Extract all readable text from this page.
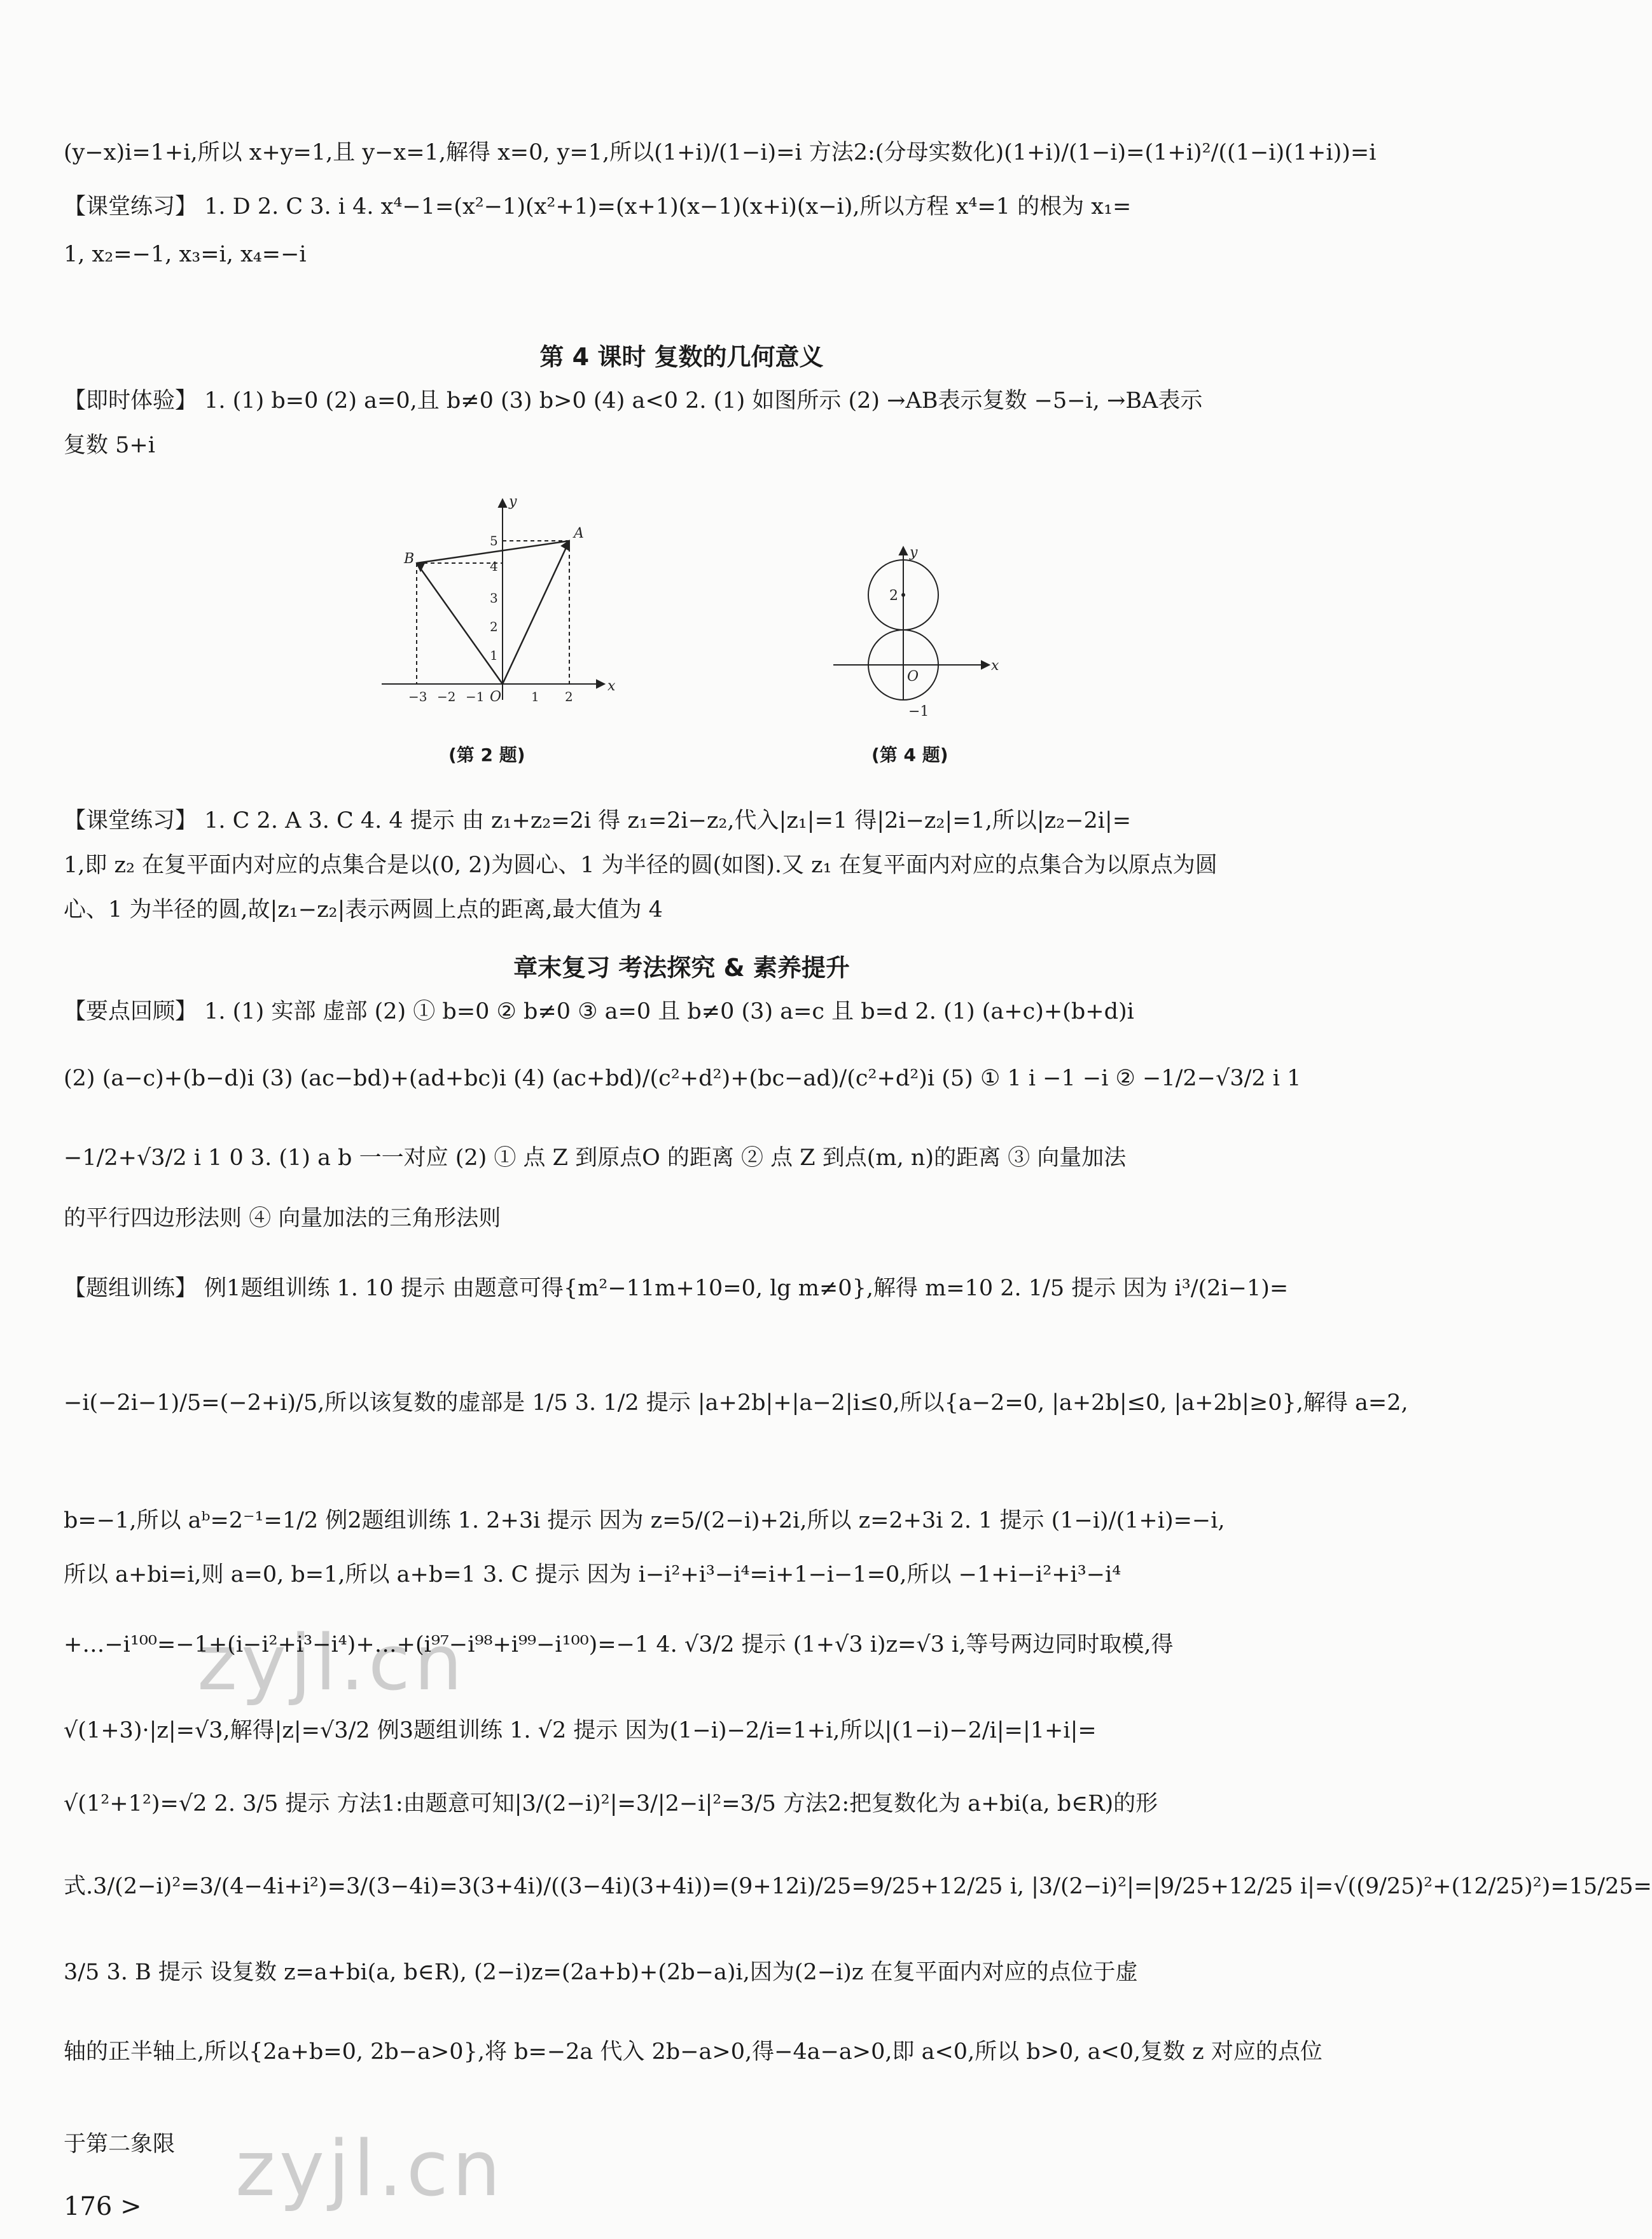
(y−x)i=1+i,所以 x+y=1,且 y−x=1,解得 x=0, y=1,所以(1+i)/(1−i)=i 方法2:(分母实数化)(1+i)/(1−i)=(1+i)²/((1−i)(1+i))=i
【课堂练习】 1. D 2. C 3. i 4. x⁴−1=(x²−1)(x²+1)=(x+1)(x−1)(x+i)(x−i),所以方程 x⁴=1 的根为 x₁=
1, x₂=−1, x₃=i, x₄=−i
第 4 课时 复数的几何意义
【即时体验】 1. (1) b=0 (2) a=0,且 b≠0 (3) b>0 (4) a<0 2. (1) 如图所示 (2) →AB表示复数 −5−i, →BA表示
复数 5+i
x
y
O
A
B
−3 −2 −1	1 2
1
2
3
4
5
(第 2 题)
x
y
O
2
−1
(第 4 题)
【课堂练习】 1. C 2. A 3. C 4. 4 提示 由 z₁+z₂=2i 得 z₁=2i−z₂,代入|z₁|=1 得|2i−z₂|=1,所以|z₂−2i|=
1,即 z₂ 在复平面内对应的点集合是以(0, 2)为圆心、1 为半径的圆(如图).又 z₁ 在复平面内对应的点集合为以原点为圆
心、1 为半径的圆,故|z₁−z₂|表示两圆上点的距离,最大值为 4
章末复习 考法探究 & 素养提升
【要点回顾】 1. (1) 实部 虚部 (2) ① b=0 ② b≠0 ③ a=0 且 b≠0 (3) a=c 且 b=d 2. (1) (a+c)+(b+d)i
(2) (a−c)+(b−d)i (3) (ac−bd)+(ad+bc)i (4) (ac+bd)/(c²+d²)+(bc−ad)/(c²+d²)i (5) ① 1 i −1 −i ② −1/2−√3/2 i 1
−1/2+√3/2 i 1 0 3. (1) a b 一一对应 (2) ① 点 Z 到原点O 的距离 ② 点 Z 到点(m, n)的距离 ③ 向量加法
的平行四边形法则 ④ 向量加法的三角形法则
【题组训练】 例1题组训练 1. 10 提示 由题意可得{m²−11m+10=0, lg m≠0},解得 m=10 2. 1/5 提示 因为 i³/(2i−1)=
−i(−2i−1)/5=(−2+i)/5,所以该复数的虚部是 1/5 3. 1/2 提示 |a+2b|+|a−2|i≤0,所以{a−2=0, |a+2b|≤0, |a+2b|≥0},解得 a=2,
b=−1,所以 aᵇ=2⁻¹=1/2 例2题组训练 1. 2+3i 提示 因为 z=5/(2−i)+2i,所以 z=2+3i 2. 1 提示 (1−i)/(1+i)=−i,
所以 a+bi=i,则 a=0, b=1,所以 a+b=1 3. C 提示 因为 i−i²+i³−i⁴=i+1−i−1=0,所以 −1+i−i²+i³−i⁴
+…−i¹⁰⁰=−1+(i−i²+i³−i⁴)+…+(i⁹⁷−i⁹⁸+i⁹⁹−i¹⁰⁰)=−1 4. √3/2 提示 (1+√3 i)z=√3 i,等号两边同时取模,得
√(1+3)·|z|=√3,解得|z|=√3/2 例3题组训练 1. √2 提示 因为(1−i)−2/i=1+i,所以|(1−i)−2/i|=|1+i|=
√(1²+1²)=√2 2. 3/5 提示 方法1:由题意可知|3/(2−i)²|=3/|2−i|²=3/5 方法2:把复数化为 a+bi(a, b∈R)的形
式.3/(2−i)²=3/(4−4i+i²)=3/(3−4i)=3(3+4i)/((3−4i)(3+4i))=(9+12i)/25=9/25+12/25 i, |3/(2−i)²|=|9/25+12/25 i|=√((9/25)²+(12/25)²)=15/25=
3/5 3. B 提示 设复数 z=a+bi(a, b∈R), (2−i)z=(2a+b)+(2b−a)i,因为(2−i)z 在复平面内对应的点位于虚
轴的正半轴上,所以{2a+b=0, 2b−a>0},将 b=−2a 代入 2b−a>0,得−4a−a>0,即 a<0,所以 b>0, a<0,复数 z 对应的点位
于第二象限
176 >
zyjl.cn
zyjl.cn
